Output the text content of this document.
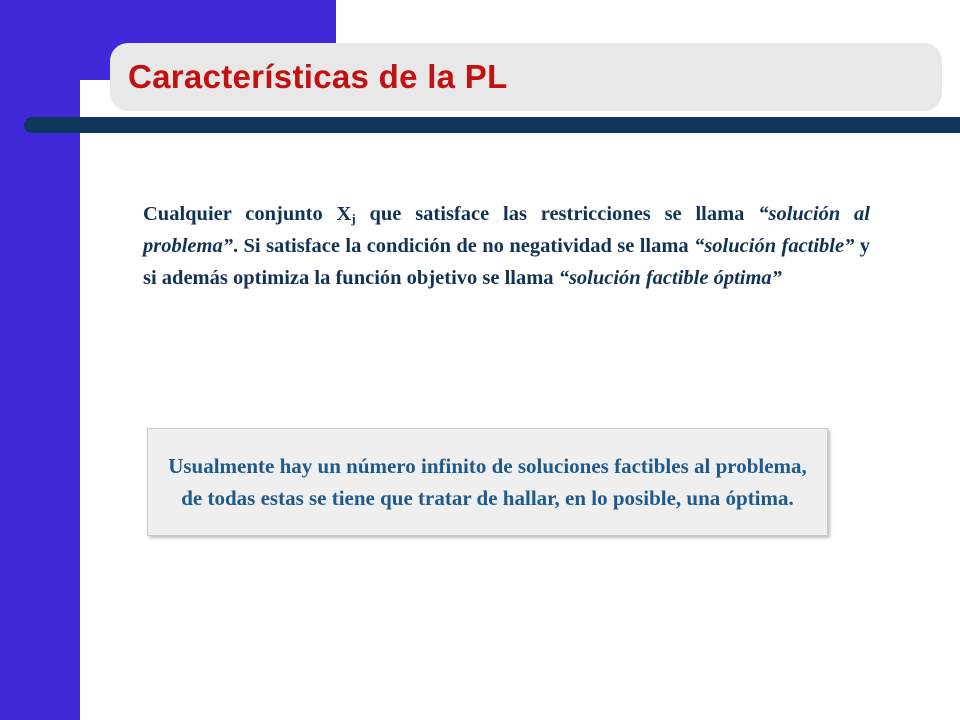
Características de la PL

Cualquier conjunto $X_j$ que satisface las restricciones se llama “solución al problema”. Si satisface la condición de no negatividad se llama “solución factible” y si además optimiza la función objetivo se llama “solución factible óptima”

Usualmente hay un número infinito de soluciones factibles al problema, de todas estas se tiene que tratar de hallar, en lo posible, una óptima.
